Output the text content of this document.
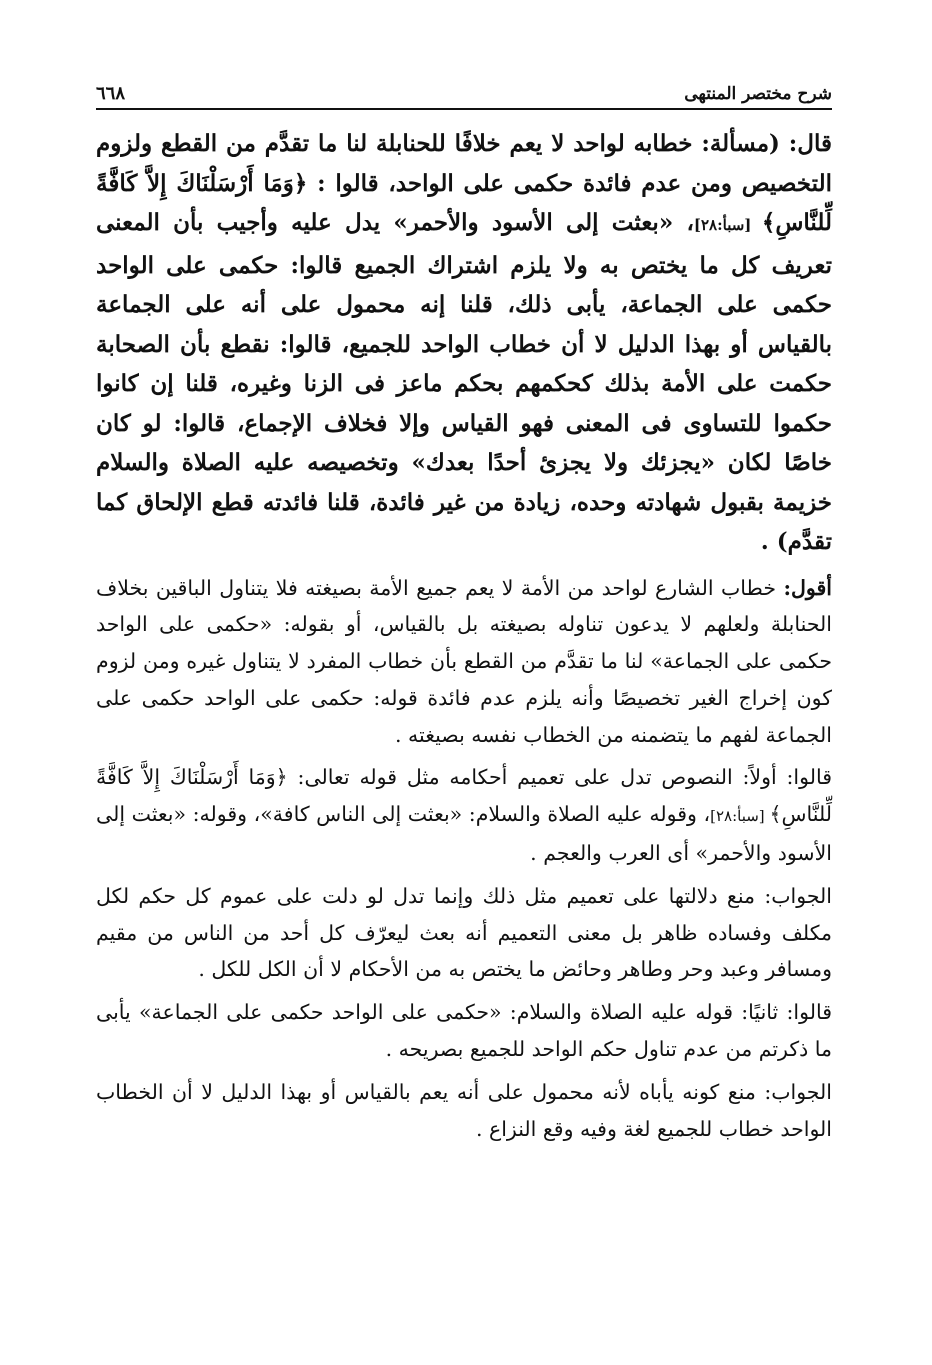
شرح مختصر المنتهى
٦٦٨

قال: (مسألة: خطابه لواحد لا يعم خلافًا للحنابلة لنا ما تقدَّم من القطع ولزوم التخصيص ومن عدم فائدة حكمى على الواحد، قالوا : ﴿وَمَا أَرْسَلْنَاكَ إِلاَّ كَافَّةً لِّلنَّاسِ﴾ [سبأ:٢٨]، «بعثت إلى الأسود والأحمر» يدل عليه وأجيب بأن المعنى تعريف كل ما يختص به ولا يلزم اشتراك الجميع قالوا: حكمى على الواحد حكمى على الجماعة، يأبى ذلك، قلنا إنه محمول على أنه على الجماعة بالقياس أو بهذا الدليل لا أن خطاب الواحد للجميع، قالوا: نقطع بأن الصحابة حكمت على الأمة بذلك كحكمهم بحكم ماعز فى الزنا وغيره، قلنا إن كانوا حكموا للتساوى فى المعنى فهو القياس وإلا فخلاف الإجماع، قالوا: لو كان خاصًا لكان «يجزئك ولا يجزئ أحدًا بعدك» وتخصيصه عليه الصلاة والسلام خزيمة بقبول شهادته وحده، زيادة من غير فائدة، قلنا فائدته قطع الإلحاق كما تقدَّم) .

أقول: خطاب الشارع لواحد من الأمة لا يعم جميع الأمة بصيغته فلا يتناول الباقين بخلاف الحنابلة ولعلهم لا يدعون تناوله بصيغته بل بالقياس، أو بقوله: «حكمى على الواحد حكمى على الجماعة» لنا ما تقدَّم من القطع بأن خطاب المفرد لا يتناول غيره ومن لزوم كون إخراج الغير تخصيصًا وأنه يلزم عدم فائدة قوله: حكمى على الواحد حكمى على الجماعة لفهم ما يتضمنه من الخطاب نفسه بصيغته .

قالوا: أولاً: النصوص تدل على تعميم أحكامه مثل قوله تعالى: ﴿وَمَا أَرْسَلْنَاكَ إِلاَّ كَافَّةً لِّلنَّاسِ﴾ [سبأ:٢٨]، وقوله عليه الصلاة والسلام: «بعثت إلى الناس كافة»، وقوله: «بعثت إلى الأسود والأحمر» أى العرب والعجم .

الجواب: منع دلالتها على تعميم مثل ذلك وإنما تدل لو دلت على عموم كل حكم لكل مكلف وفساده ظاهر بل معنى التعميم أنه بعث ليعرّف كل أحد من الناس من مقيم ومسافر وعبد وحر وطاهر وحائض ما يختص به من الأحكام لا أن الكل للكل .

قالوا: ثانيًا: قوله عليه الصلاة والسلام: «حكمى على الواحد حكمى على الجماعة» يأبى ما ذكرتم من عدم تناول حكم الواحد للجميع بصريحه .

الجواب: منع كونه يأباه لأنه محمول على أنه يعم بالقياس أو بهذا الدليل لا أن الخطاب الواحد خطاب للجميع لغة وفيه وقع النزاع .
